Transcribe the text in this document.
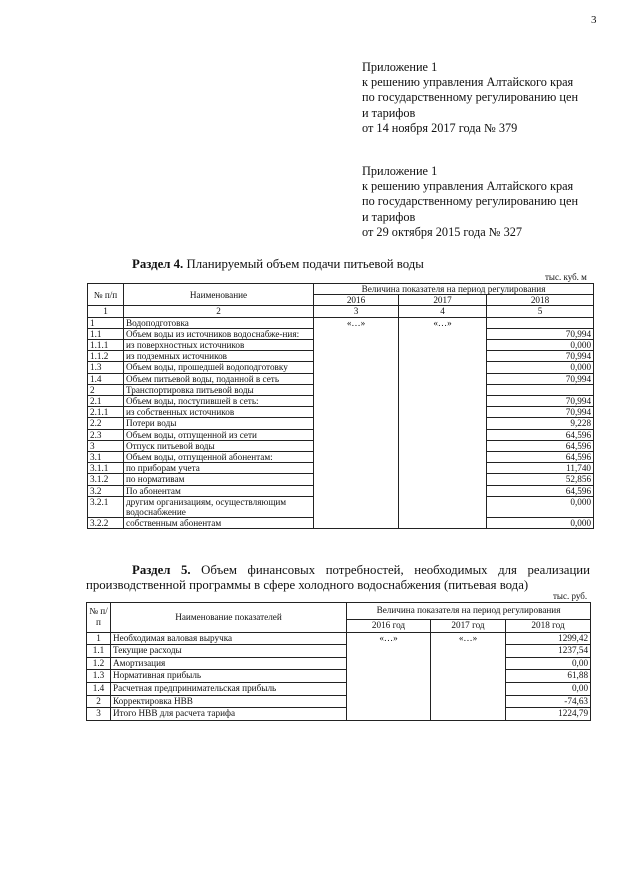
3
Приложение 1
к решению управления Алтайского края
по государственному регулированию цен
и тарифов
от 14 ноября 2017 года № 379
Приложение 1
к решению управления Алтайского края
по государственному регулированию цен
и тарифов
от 29 октября 2015 года № 327
Раздел 4. Планируемый объем подачи питьевой воды
тыс. куб. м
№ п/п	Наименование	Величина показателя на период регулирования		
		2016	2017	2018
1	2	3	4	5
1	Водоподготовка	«…»	«…»	
1.1	Объем воды из источников водоснабже-ния:			70,994
1.1.1	из поверхностных источников			0,000
1.1.2	из подземных источников			70,994
1.3	Объем воды, прошедшей водоподготовку			0,000
1.4	Объем питьевой воды, поданной в сеть			70,994
2	Транспортировка питьевой воды			
2.1	Объем воды, поступившей в сеть:			70,994
2.1.1	из собственных источников			70,994
2.2	Потери воды			9,228
2.3	Объем воды, отпущенной из сети			64,596
3	Отпуск питьевой воды			64,596
3.1	Объем воды, отпущенной абонентам:			64,596
3.1.1	по приборам учета			11,740
3.1.2	по нормативам			52,856
3.2	По абонентам			64,596
3.2.1	другим организациям, осуществляющим водоснабжение			0,000
3.2.2	собственным абонентам			0,000
Раздел 5. Объем финансовых потребностей, необходимых для реализации производственной программы в сфере холодного водоснабжения (питьевая вода)
тыс. руб.
№ п/п	Наименование показателей	Величина показателя на период регулирования		
		2016 год	2017 год	2018 год
1	Необходимая валовая выручка	«…»	«…»	1299,42
1.1	Текущие расходы			1237,54
1.2	Амортизация			0,00
1.3	Нормативная прибыль			61,88
1.4	Расчетная предпринимательская прибыль			0,00
2	Корректировка НВВ			-74,63
3	Итого НВВ для расчета тарифа			1224,79
